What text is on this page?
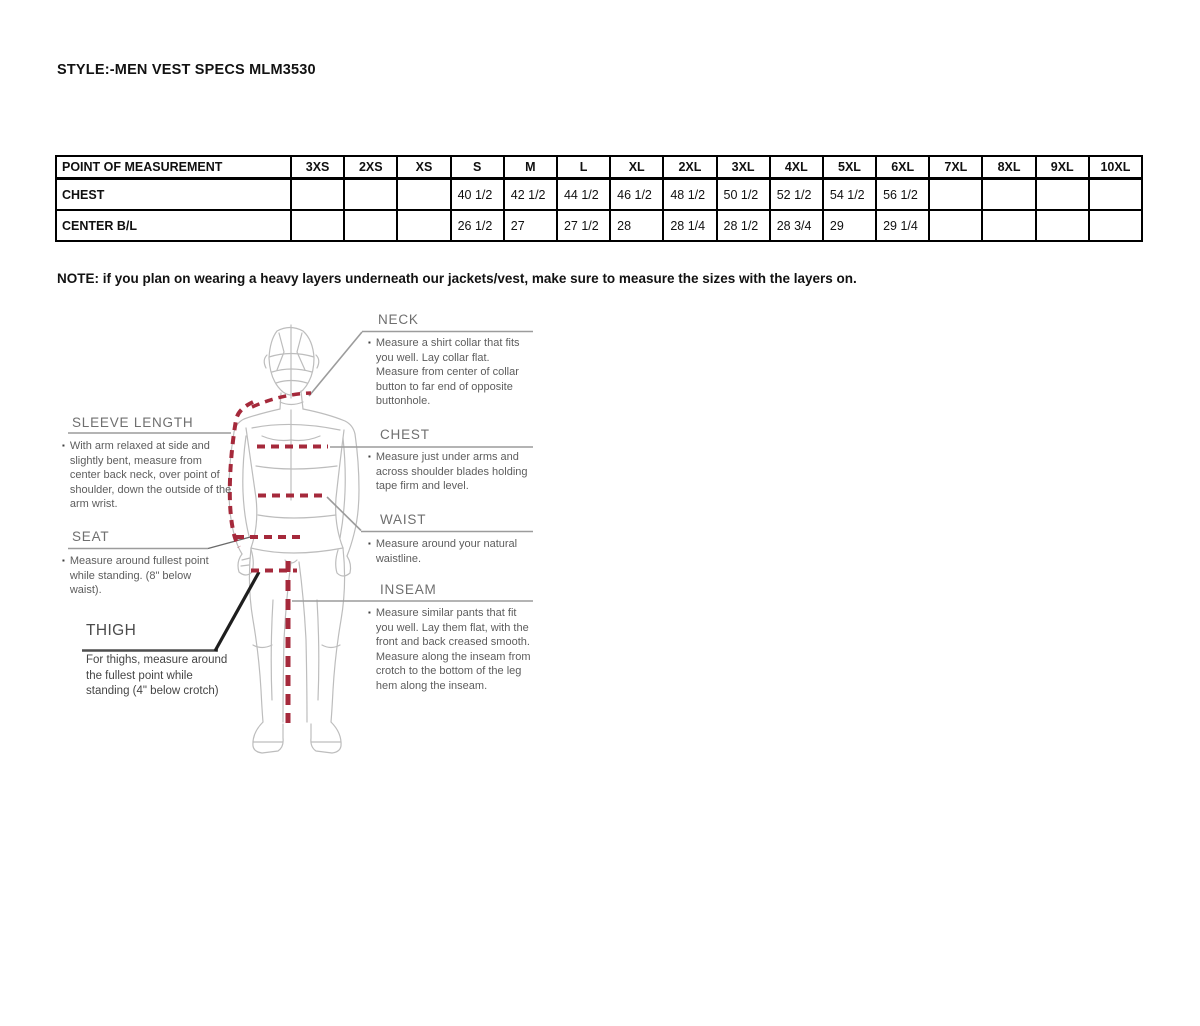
STYLE:-MEN VEST SPECS MLM3530
POINT OF MEASUREMENT	3XS	2XS	XS	S	M	L	XL	2XL	3XL	4XL	5XL	6XL	7XL	8XL	9XL	10XL
CHEST				40 1/2	42 1/2	44 1/2	46 1/2	48 1/2	50 1/2	52 1/2	54 1/2	56 1/2				
CENTER B/L				26 1/2	27	27 1/2	28	28 1/4	28 1/2	28 3/4	29	29 1/4				
NOTE: if you plan on wearing a heavy layers underneath our jackets/vest, make sure to measure the sizes with the layers on.
NECK
▪ Measure a shirt collar that fits you well. Lay collar flat. Measure from center of collar button to far end of opposite buttonhole.
CHEST
▪ Measure just under arms and across shoulder blades holding tape firm and level.
WAIST
▪ Measure around your natural waistline.
INSEAM
▪ Measure similar pants that fit you well. Lay them flat, with the front and back creased smooth. Measure along the inseam from crotch to the bottom of the leg hem along the inseam.
SLEEVE LENGTH
▪ With arm relaxed at side and slightly bent, measure from center back neck, over point of shoulder, down the outside of the arm wrist.
SEAT
▪ Measure around fullest point while standing. (8" below waist).
THIGH
For thighs, measure around the fullest point while standing (4" below crotch)
